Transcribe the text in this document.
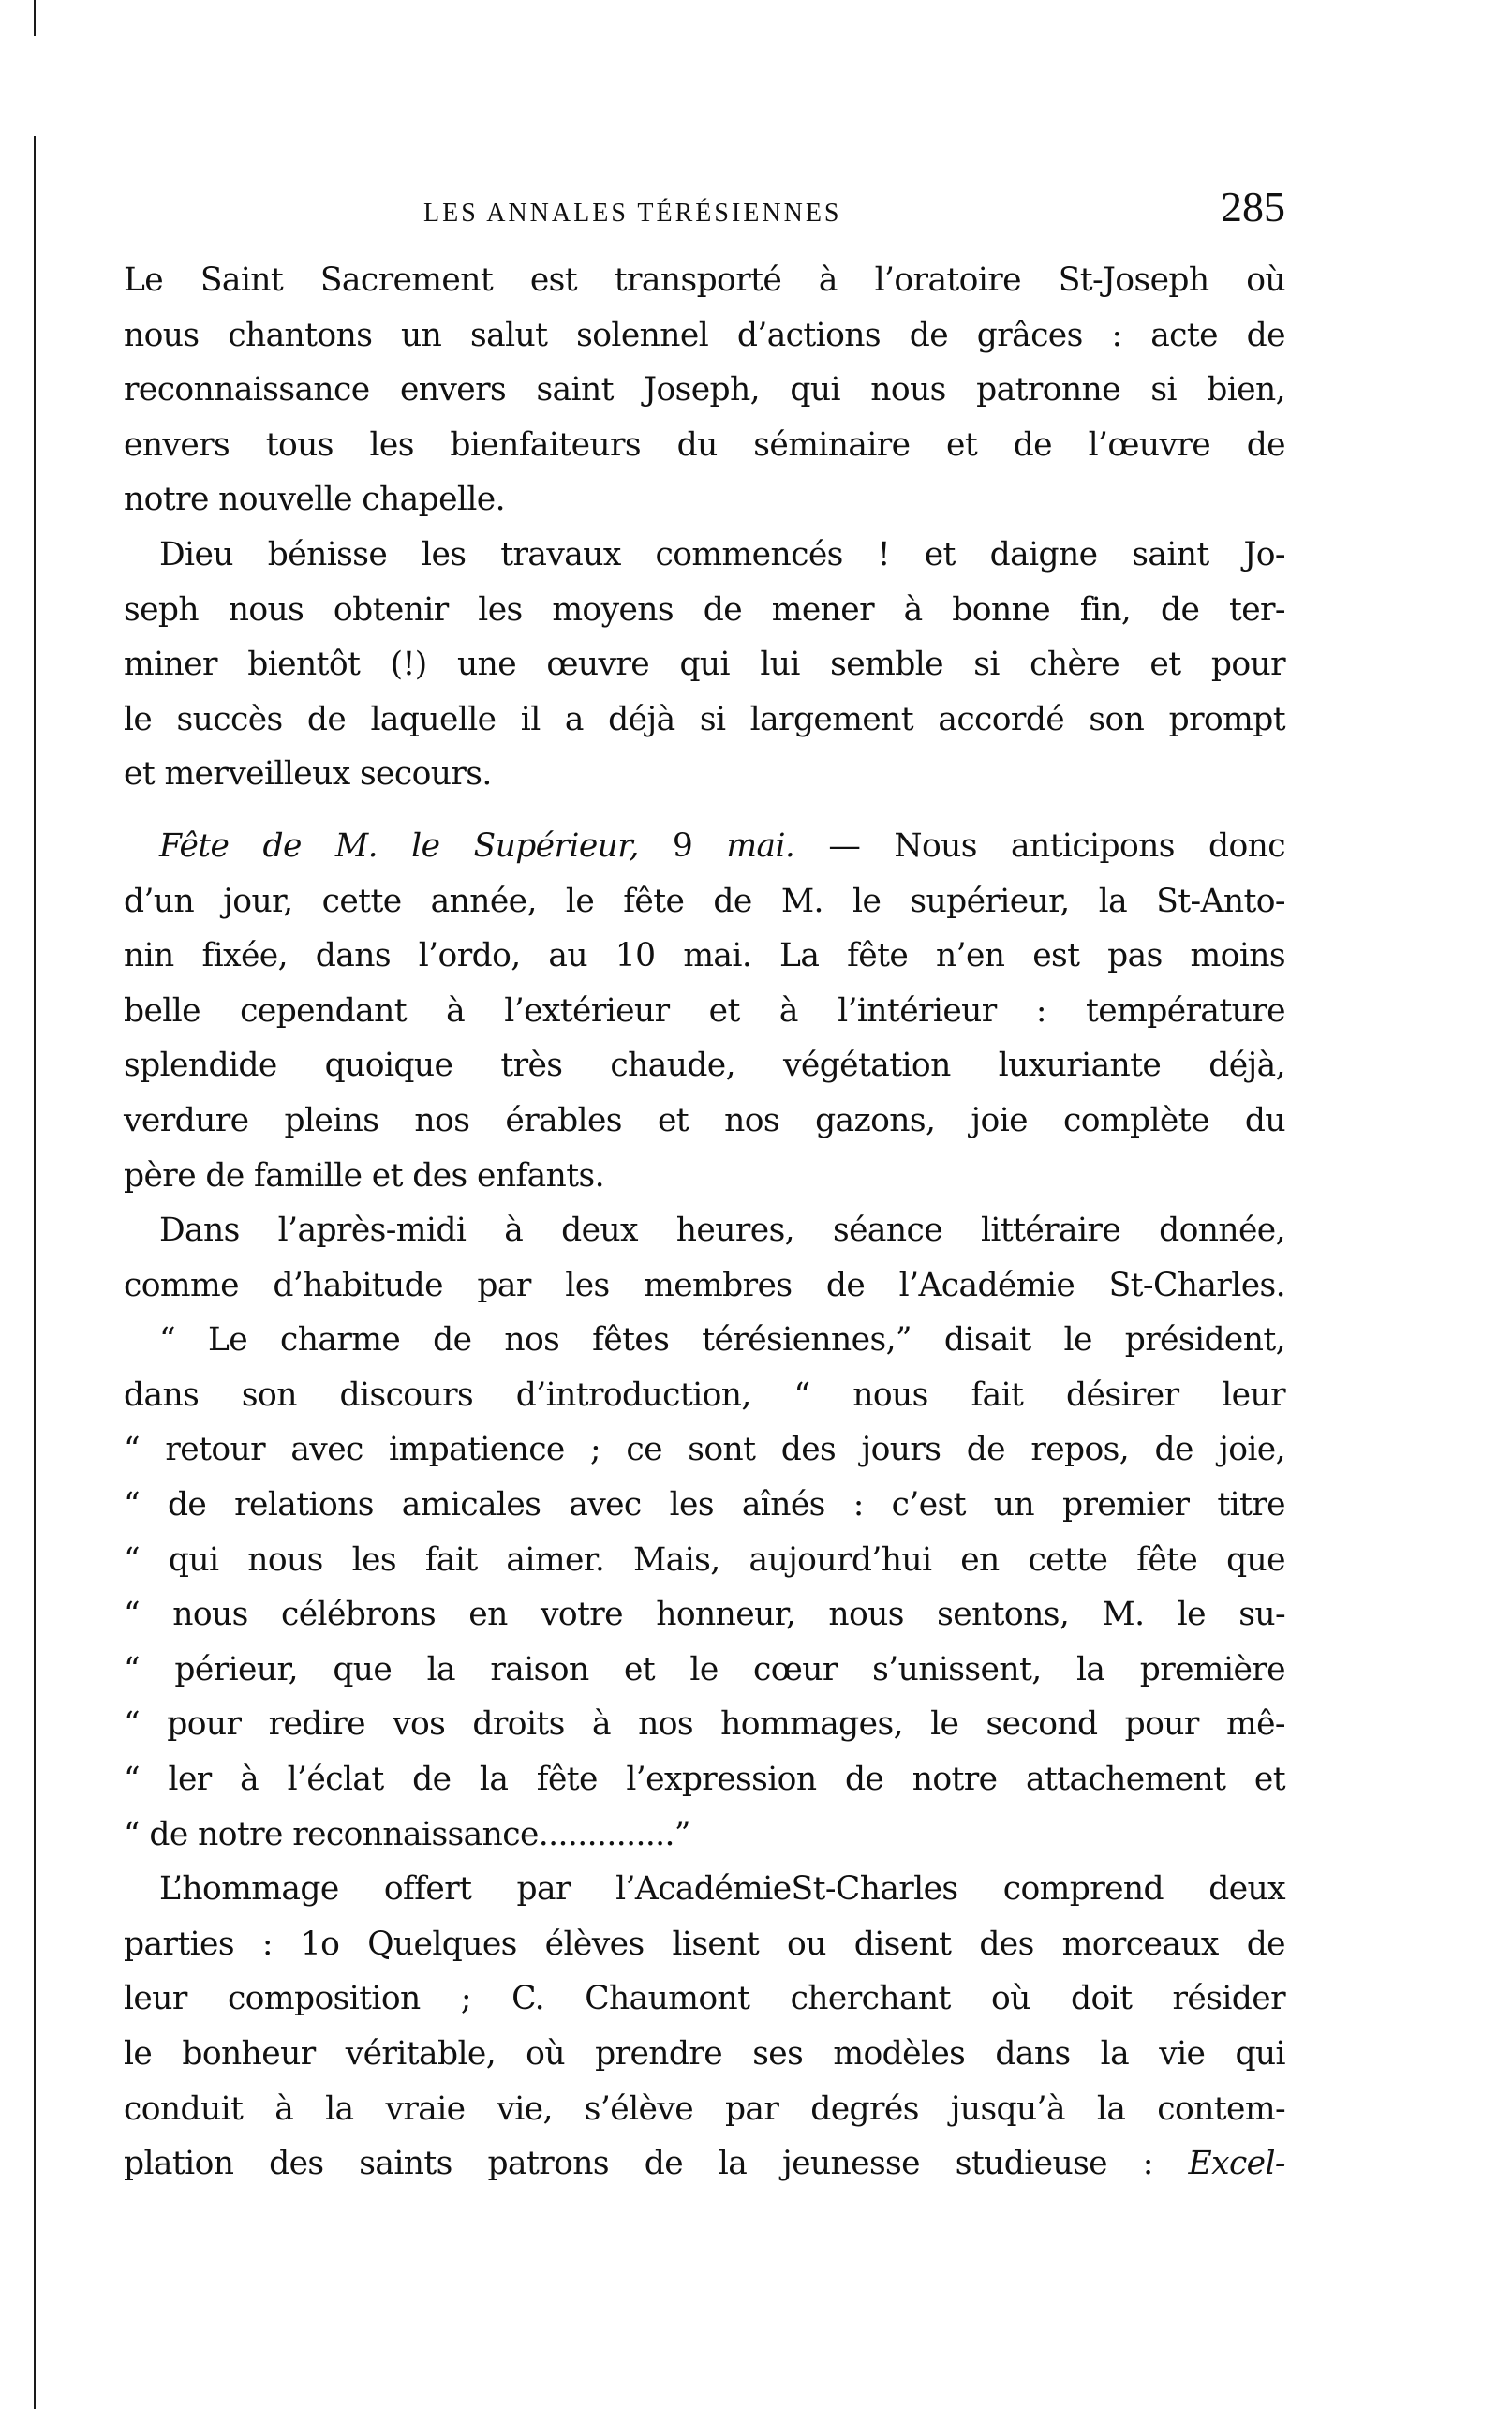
LES ANNALES TÉRÉSIENNES	285

Le Saint Sacrement est transporté à l’oratoire St-Joseph où

nous chantons un salut solennel d’actions de grâces : acte de

reconnaissance envers saint Joseph, qui nous patronne si bien,

envers tous les bienfaiteurs du séminaire et de l’œuvre de

notre nouvelle chapelle.

Dieu bénisse les travaux commencés ! et daigne saint Jo-

seph nous obtenir les moyens de mener à bonne fin, de ter-

miner bientôt (!) une œuvre qui lui semble si chère et pour

le succès de laquelle il a déjà si largement accordé son prompt

et merveilleux secours.

Fête de M. le Supérieur, 9 mai. — Nous anticipons donc

d’un jour, cette année, le fête de M. le supérieur, la St-Anto-

nin fixée, dans l’ordo, au 10 mai. La fête n’en est pas moins

belle cependant à l’extérieur et à l’intérieur : température

splendide quoique très chaude, végétation luxuriante déjà,

verdure pleins nos érables et nos gazons, joie complète du

père de famille et des enfants.

Dans l’après-midi à deux heures, séance littéraire donnée,

comme d’habitude par les membres de l’Académie St-Charles.

“ Le charme de nos fêtes térésiennes,” disait le président,

dans son discours d’introduction, “ nous fait désirer leur

“ retour avec impatience ; ce sont des jours de repos, de joie,

“ de relations amicales avec les aînés : c’est un premier titre

“ qui nous les fait aimer. Mais, aujourd’hui en cette fête que

“ nous célébrons en votre honneur, nous sentons, M. le su-

“ périeur, que la raison et le cœur s’unissent, la première

“ pour redire vos droits à nos hommages, le second pour mê-

“ ler à l’éclat de la fête l’expression de notre attachement et

“ de notre reconnaissance..............”

L’hommage offert par l’AcadémieSt-Charles comprend deux

parties : 1o Quelques élèves lisent ou disent des morceaux de

leur composition ; C. Chaumont cherchant où doit résider

le bonheur véritable, où prendre ses modèles dans la vie qui

conduit à la vraie vie, s’élève par degrés jusqu’à la contem-

plation des saints patrons de la jeunesse studieuse : Excel-
